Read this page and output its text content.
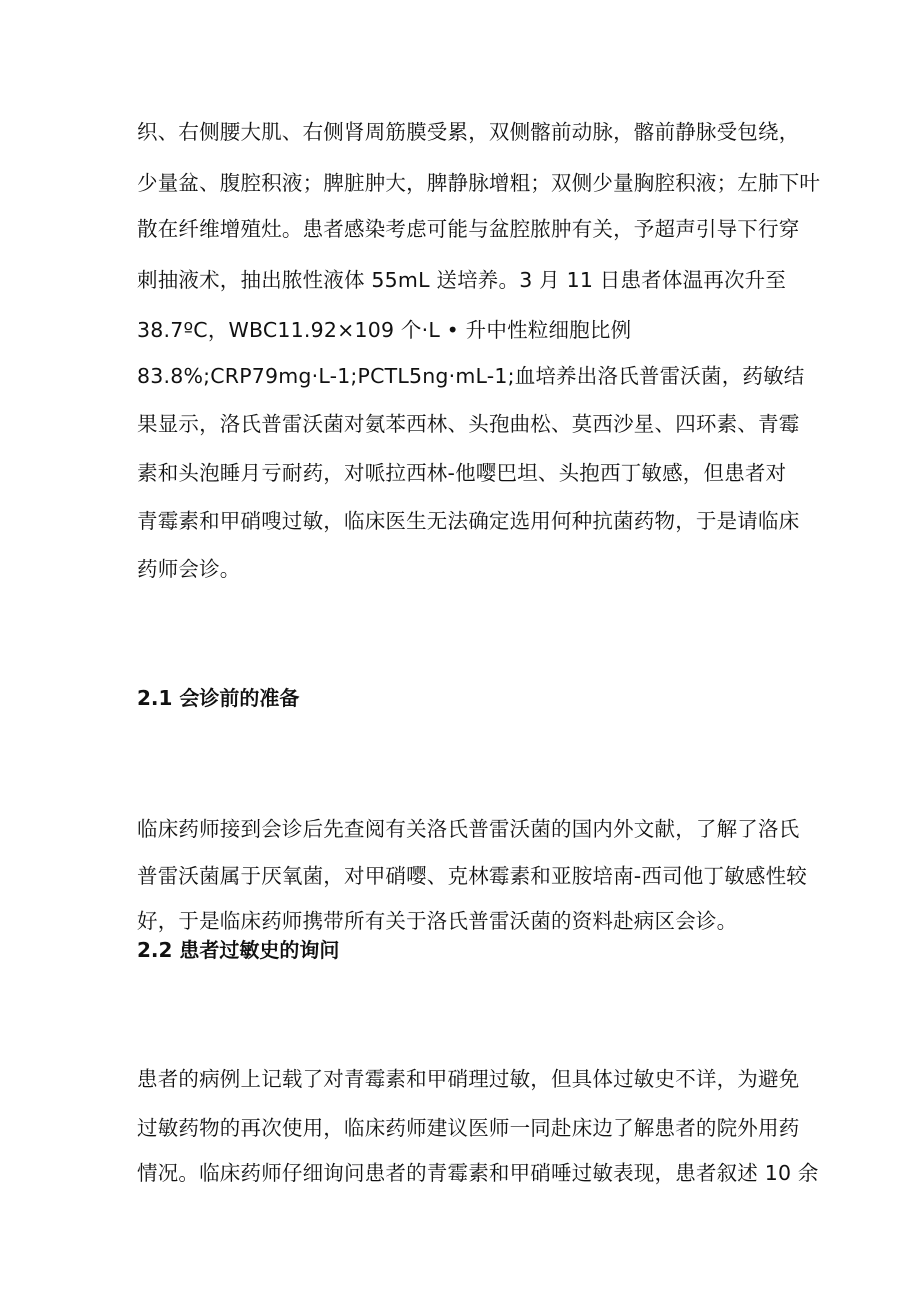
织、右侧腰大肌、右侧肾周筋膜受累，双侧髂前动脉，髂前静脉受包绕，
少量盆、腹腔积液；脾脏肿大，脾静脉增粗；双侧少量胸腔积液；左肺下叶
散在纤维增殖灶。患者感染考虑可能与盆腔脓肿有关，予超声引导下行穿
刺抽液术，抽出脓性液体 55mL 送培养。3 月 11 日患者体温再次升至
38.7ºC，WBC11.92×109 个·L • 升中性粒细胞比例
83.8%;CRP79mg·L-1;PCTL5ng·mL-1;血培养出洛氏普雷沃菌，药敏结
果显示，洛氏普雷沃菌对氨苯西林、头孢曲松、莫西沙星、四环素、青霉
素和头泡睡月亏耐药，对哌拉西林-他嘤巴坦、头抱西丁敏感，但患者对
青霉素和甲硝嗖过敏，临床医生无法确定选用何种抗菌药物，于是请临床
药师会诊。
2.1 会诊前的准备
临床药师接到会诊后先查阅有关洛氏普雷沃菌的国内外文献，了解了洛氏
普雷沃菌属于厌氧菌，对甲硝嘤、克林霉素和亚胺培南-西司他丁敏感性较
好，于是临床药师携带所有关于洛氏普雷沃菌的资料赴病区会诊。
2.2 患者过敏史的询问
患者的病例上记载了对青霉素和甲硝理过敏，但具体过敏史不详，为避免
过敏药物的再次使用，临床药师建议医师一同赴床边了解患者的院外用药
情况。临床药师仔细询问患者的青霉素和甲硝唾过敏表现，患者叙述 10 余
